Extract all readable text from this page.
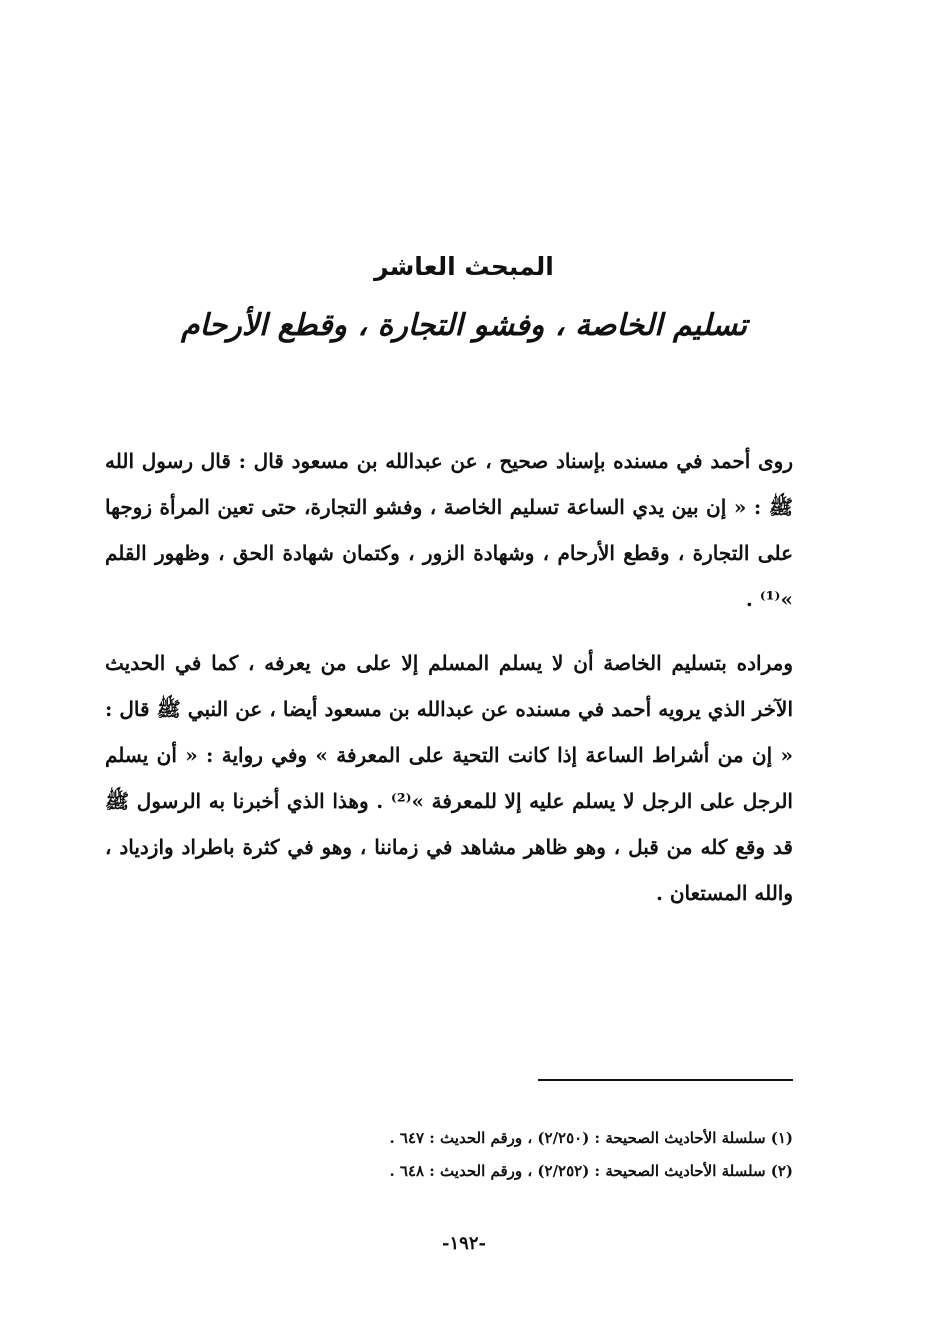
المبحث العاشر
تسليم الخاصة ، وفشو التجارة ، وقطع الأرحام

روى أحمد في مسنده بإسناد صحيح ، عن عبدالله بن مسعود قال : قال رسول الله ﷺ : « إن بين يدي الساعة تسليم الخاصة ، وفشو التجارة، حتى تعين المرأة زوجها على التجارة ، وقطع الأرحام ، وشهادة الزور ، وكتمان شهادة الحق ، وظهور القلم »⁽¹⁾ .

ومراده بتسليم الخاصة أن لا يسلم المسلم إلا على من يعرفه ، كما في الحديث الآخر الذي يرويه أحمد في مسنده عن عبدالله بن مسعود أيضا ، عن النبي ﷺ قال : « إن من أشراط الساعة إذا كانت التحية على المعرفة » وفي رواية : « أن يسلم الرجل على الرجل لا يسلم عليه إلا للمعرفة »⁽²⁾ . وهذا الذي أخبرنا به الرسول ﷺ قد وقع كله من قبل ، وهو ظاهر مشاهد في زماننا ، وهو في كثرة باطراد وازدياد ، والله المستعان .

(١) سلسلة الأحاديث الصحيحة : (٢/٢٥٠) ، ورقم الحديث : ٦٤٧ .
(٢) سلسلة الأحاديث الصحيحة : (٢/٢٥٢) ، ورقم الحديث : ٦٤٨ .
-١٩٢-
